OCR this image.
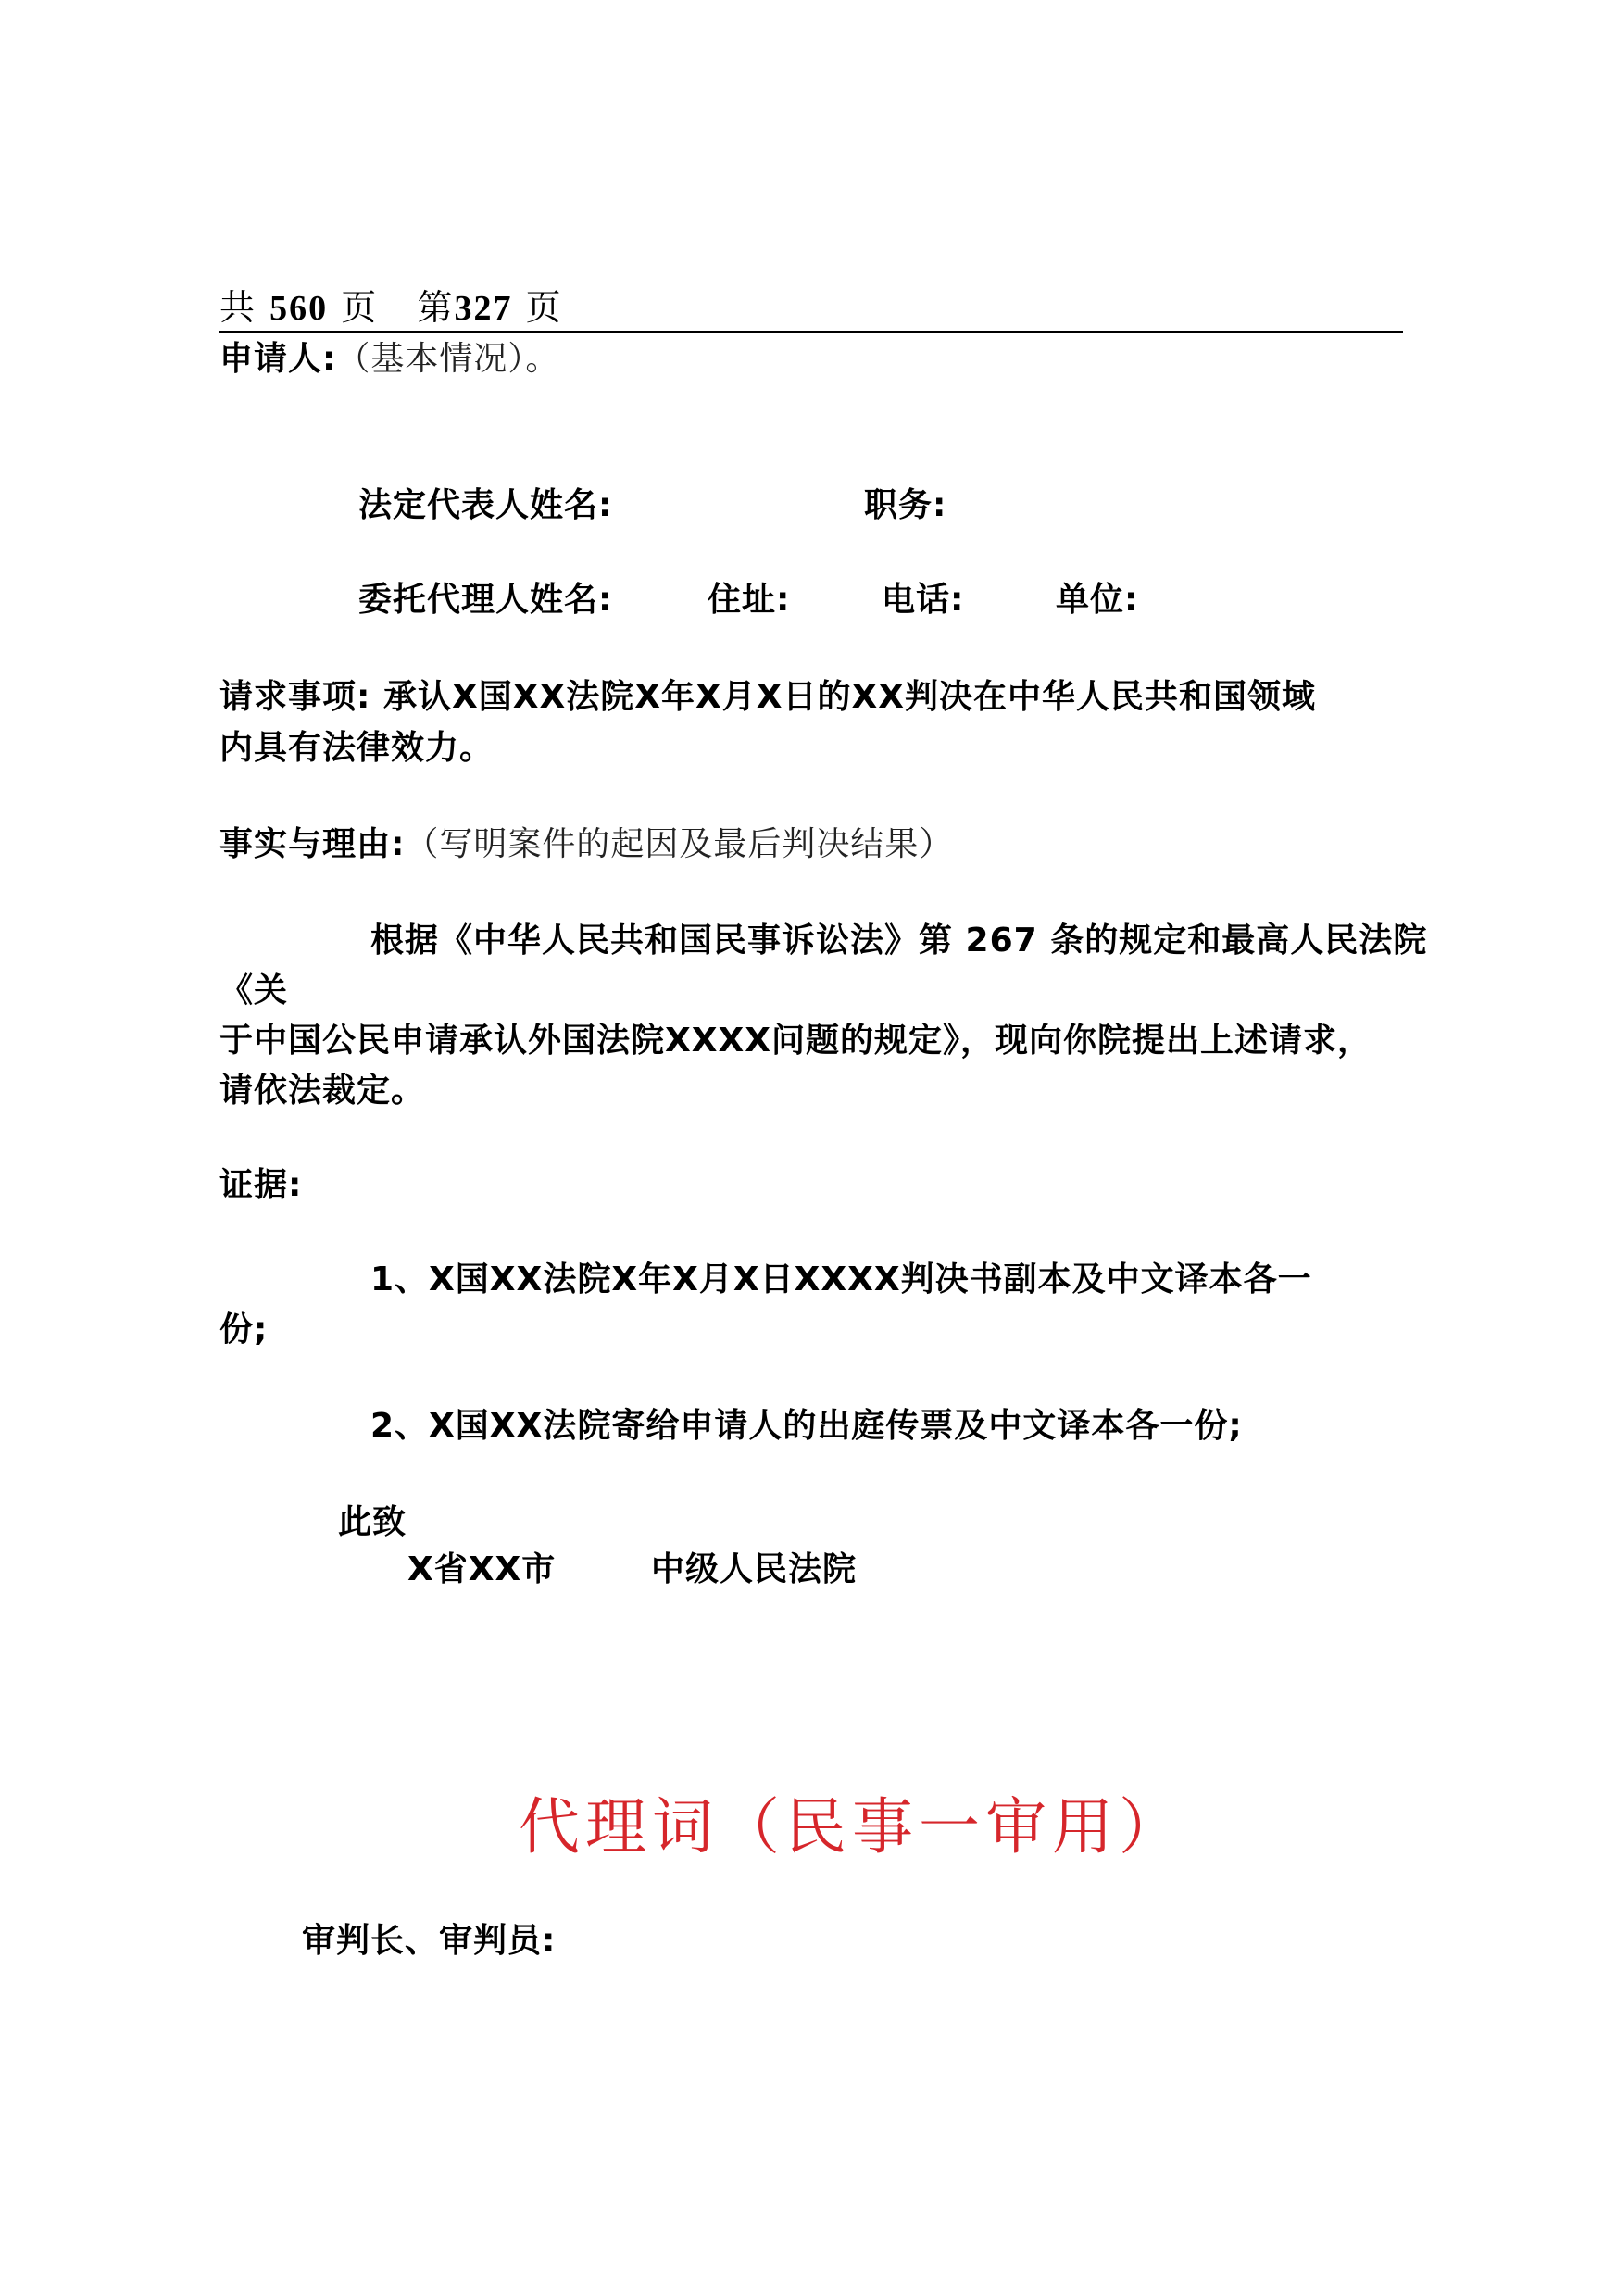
共 560 页 第327 页
申请人:（基本情况）。
法定代表人姓名:	职务:
委托代理人姓名:	住址:	电话:	单位:
请求事项: 承认X国XX法院X年X月X日的XX判决在中华人民共和国领域
内具有法律效力。
事实与理由:（写明案件的起因及最后判决结果）
根据《中华人民共和国民事诉讼法》第 267 条的规定和最高人民法院
《关
于中国公民申请承认外国法院XXXX问题的规定》，现向你院提出上述请求，
请依法裁定。
证据:
1、X国XX法院X年X月X日XXXX判决书副本及中文译本各一
份;
2、X国XX法院寄给申请人的出庭传票及中文译本各一份;
此致
X省XX市	中级人民法院
代理词（民事一审用）
审判长、审判员:
